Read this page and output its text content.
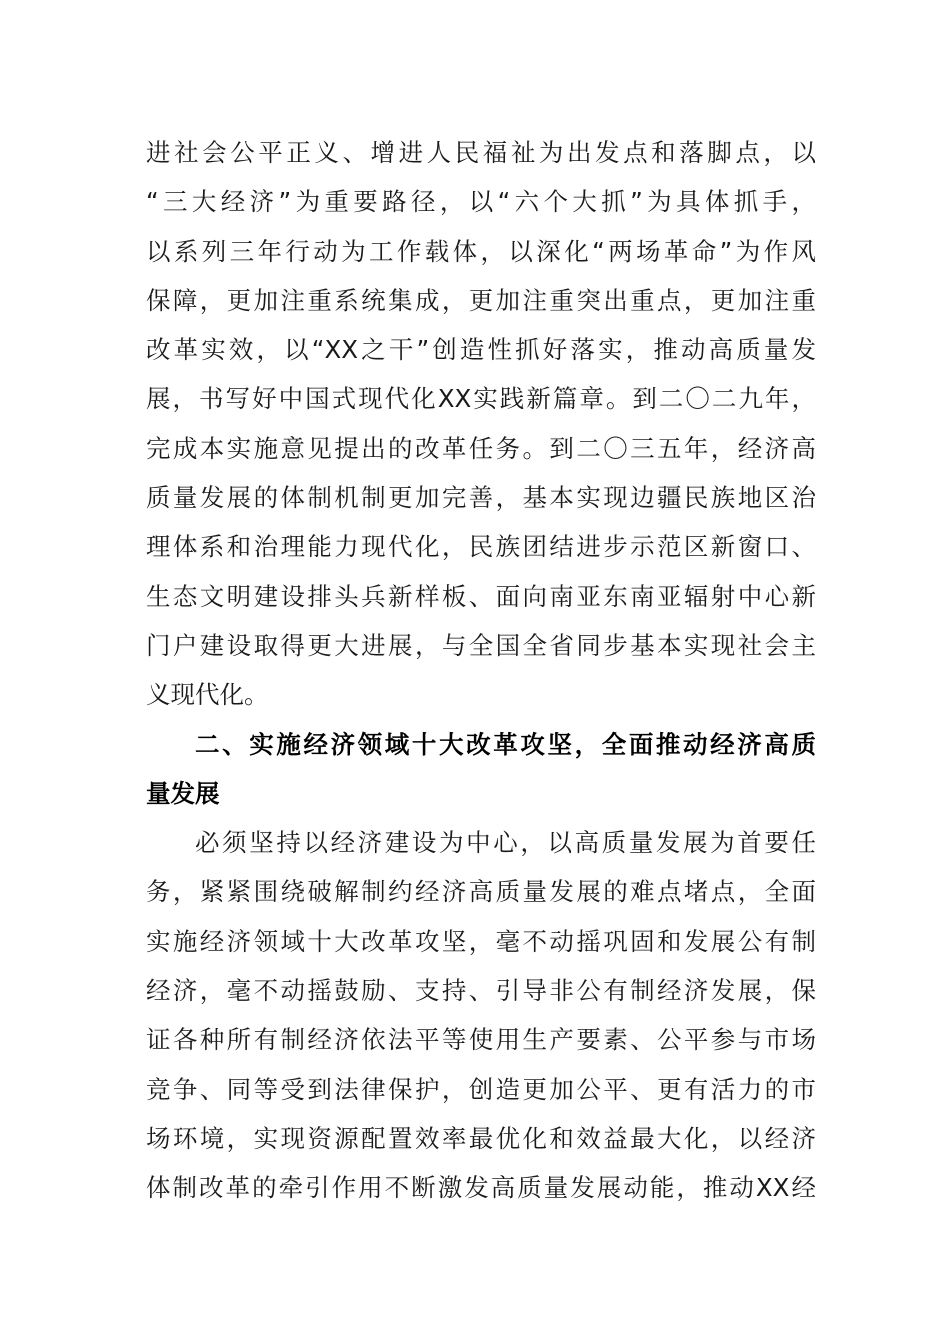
进社会公平正义、增进人民福祉为出发点和落脚点，以
“三大经济”为重要路径，以“六个大抓”为具体抓手，
以系列三年行动为工作载体，以深化“两场革命”为作风
保障，更加注重系统集成，更加注重突出重点，更加注重
改革实效，以“XX之干”创造性抓好落实，推动高质量发
展，书写好中国式现代化XX实践新篇章。到二〇二九年，
完成本实施意见提出的改革任务。到二〇三五年，经济高
质量发展的体制机制更加完善，基本实现边疆民族地区治
理体系和治理能力现代化，民族团结进步示范区新窗口、
生态文明建设排头兵新样板、面向南亚东南亚辐射中心新
门户建设取得更大进展，与全国全省同步基本实现社会主
义现代化。
二、实施经济领域十大改革攻坚，全面推动经济高质
量发展
必须坚持以经济建设为中心，以高质量发展为首要任
务，紧紧围绕破解制约经济高质量发展的难点堵点，全面
实施经济领域十大改革攻坚，毫不动摇巩固和发展公有制
经济，毫不动摇鼓励、支持、引导非公有制经济发展，保
证各种所有制经济依法平等使用生产要素、公平参与市场
竞争、同等受到法律保护，创造更加公平、更有活力的市
场环境，实现资源配置效率最优化和效益最大化，以经济
体制改革的牵引作用不断激发高质量发展动能，推动XX经
